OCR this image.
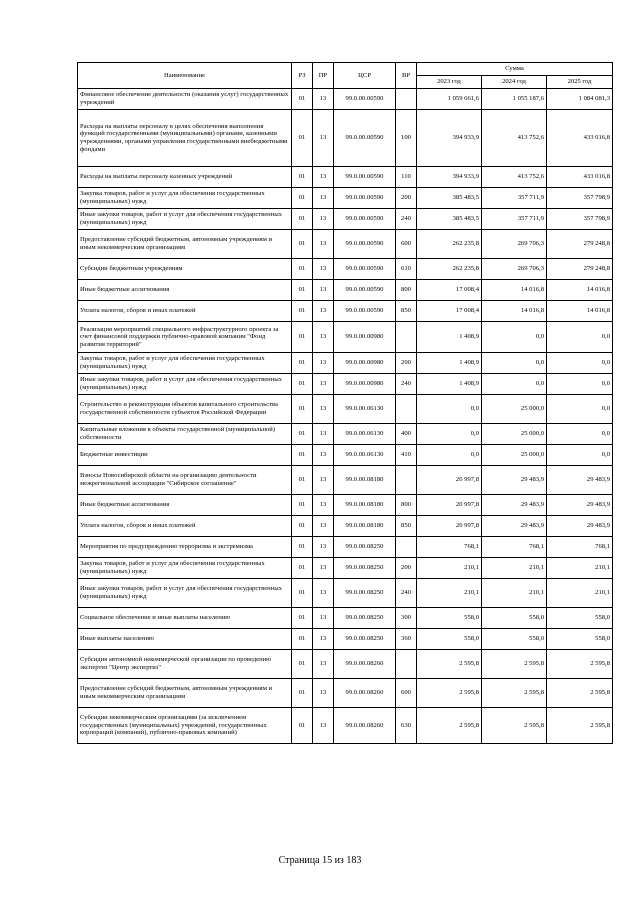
Наименование	РЗ	ПР	ЦСР	ВР	Сумма		
					2023 год	2024 год	2025 год
Финансовое обеспечение деятельности (оказания услуг) государственных учреждений	01	13	99.0.00.00590		1 059 661,6	1 055 187,6	1 084 081,3
Расходы на выплаты персоналу в целях обеспечения выполнения функций государственными (муниципальными) органами, казенными учреждениями, органами управления государственными внебюджетными фондами	01	13	99.0.00.00590	100	394 933,9	413 752,6	433 016,8
Расходы на выплаты персоналу казенных учреждений	01	13	99.0.00.00590	110	394 933,9	413 752,6	433 016,8
Закупка товаров, работ и услуг для обеспечения государственных (муниципальных) нужд	01	13	99.0.00.00590	200	385 483,5	357 711,9	357 798,9
Иные закупки товаров, работ и услуг для обеспечения государственных (муниципальных) нужд	01	13	99.0.00.00590	240	385 483,5	357 711,9	357 798,9
Предоставление субсидий бюджетным, автономным учреждениям и иным некоммерческим организациям	01	13	99.0.00.00590	600	262 235,8	269 706,3	279 248,8
Субсидии бюджетным учреждениям	01	13	99.0.00.00590	610	262 235,8	269 706,3	279 248,8
Иные бюджетные ассигнования	01	13	99.0.00.00590	800	17 008,4	14 016,8	14 016,8
Уплата налогов, сборов и иных платежей	01	13	99.0.00.00590	850	17 008,4	14 016,8	14 016,8
Реализация мероприятий специального инфраструктурного проекта за счет финансовой поддержки публично-правовой компании "Фонд развития территорий"	01	13	99.0.00.00980		1 408,9	0,0	0,0
Закупка товаров, работ и услуг для обеспечения государственных (муниципальных) нужд	01	13	99.0.00.00980	200	1 408,9	0,0	0,0
Иные закупки товаров, работ и услуг для обеспечения государственных (муниципальных) нужд	01	13	99.0.00.00980	240	1 408,9	0,0	0,0
Строительство и реконструкция объектов капитального строительства государственной собственности субъектов Российской Федерации	01	13	99.0.00.06130		0,0	25 000,0	0,0
Капитальные вложения в объекты государственной (муниципальной) собственности	01	13	99.0.00.06130	400	0,0	25 000,0	0,0
Бюджетные инвестиции	01	13	99.0.00.06130	410	0,0	25 000,0	0,0
Взносы Новосибирской области на организацию деятельности межрегиональной ассоциации "Сибирское соглашение"	01	13	99.0.00.08180		20 997,8	29 483,9	29 483,9
Иные бюджетные ассигнования	01	13	99.0.00.08180	800	20 997,8	29 483,9	29 483,9
Уплата налогов, сборов и иных платежей	01	13	99.0.00.08180	850	20 997,8	29 483,9	29 483,9
Мероприятия по предупреждению терроризма и экстремизма	01	13	99.0.00.08250		768,1	768,1	768,1
Закупка товаров, работ и услуг для обеспечения государственных (муниципальных) нужд	01	13	99.0.00.08250	200	210,1	210,1	210,1
Иные закупки товаров, работ и услуг для обеспечения государственных (муниципальных) нужд	01	13	99.0.00.08250	240	210,1	210,1	210,1
Социальное обеспечение и иные выплаты населению	01	13	99.0.00.08250	300	558,0	558,0	558,0
Иные выплаты населению	01	13	99.0.00.08250	360	558,0	558,0	558,0
Субсидия автономной некоммерческой организации по проведению экспертиз "Центр экспертиз"	01	13	99.0.00.08260		2 595,8	2 595,8	2 595,8
Предоставление субсидий бюджетным, автономным учреждениям и иным некоммерческим организациям	01	13	99.0.00.08260	600	2 595,8	2 595,8	2 595,8
Субсидии некоммерческим организациям (за исключением государственных (муниципальных) учреждений, государственных корпораций (компаний), публично-правовых компаний)	01	13	99.0.00.08260	630	2 595,8	2 595,8	2 595,8
Страница 15 из 183
